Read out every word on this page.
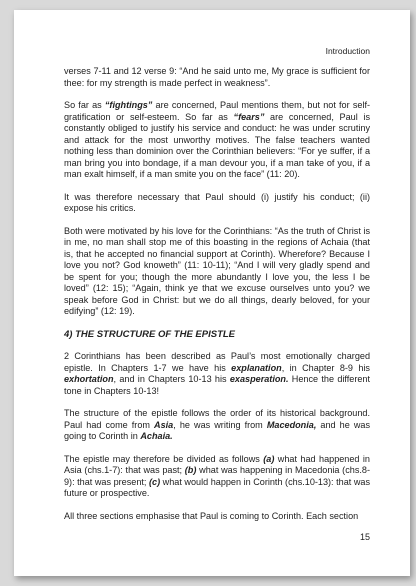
Introduction

verses 7-11 and 12 verse 9: “And he said unto me, My grace is sufficient for thee: for my strength is made perfect in weakness”.

So far as “fightings” are concerned, Paul mentions them, but not for self-gratification or self-esteem. So far as “fears” are concerned, Paul is constantly obliged to justify his service and conduct: he was under scrutiny and attack for the most unworthy motives. The false teachers wanted nothing less than dominion over the Corinthian believers: “For ye suffer, if a man bring you into bondage, if a man devour you, if a man take of you, if a man exalt himself, if a man smite you on the face” (11: 20).

It was therefore necessary that Paul should (i) justify his conduct; (ii) expose his critics.

Both were motivated by his love for the Corinthians: “As the truth of Christ is in me, no man shall stop me of this boasting in the regions of Achaia (that is, that he accepted no financial support at Corinth). Wherefore? Because I love you not? God knoweth” (11: 10-11); “And I will very gladly spend and be spent for you; though the more abundantly I love you, the less I be loved” (12: 15); “Again, think ye that we excuse ourselves unto you? we speak before God in Christ: but we do all things, dearly beloved, for your edifying” (12: 19).

4) THE STRUCTURE OF THE EPISTLE

2 Corinthians has been described as Paul’s most emotionally charged epistle. In Chapters 1-7 we have his explanation, in Chapter 8-9 his exhortation, and in Chapters 10-13 his exasperation. Hence the different tone in Chapters 10-13!

The structure of the epistle follows the order of its historical background. Paul had come from Asia, he was writing from Macedonia, and he was going to Corinth in Achaia.

The epistle may therefore be divided as follows (a) what had happened in Asia (chs.1-7): that was past; (b) what was happening in Macedonia (chs.8-9): that was present; (c) what would happen in Corinth (chs.10-13): that was future or prospective.

All three sections emphasise that Paul is coming to Corinth. Each section

15
